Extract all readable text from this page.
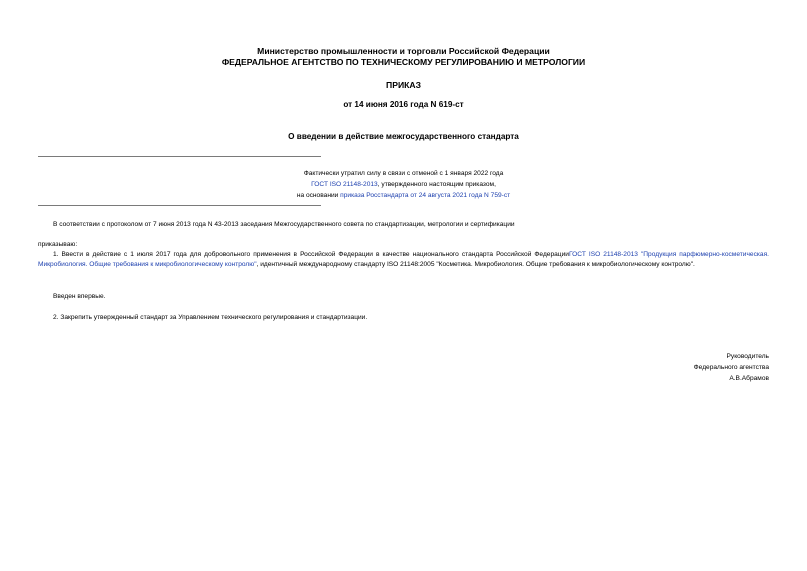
Министерство промышленности и торговли Российской Федерации
ФЕДЕРАЛЬНОЕ АГЕНТСТВО ПО ТЕХНИЧЕСКОМУ РЕГУЛИРОВАНИЮ И МЕТРОЛОГИИ
ПРИКАЗ
от 14 июня 2016 года N 619-ст
О введении в действие межгосударственного стандарта
Фактически утратил силу в связи с отменой с 1 января 2022 года
ГОСТ ISO 21148-2013, утвержденного настоящим приказом,
на основании приказа Росстандарта от 24 августа 2021 года N 759-ст
В соответствии с протоколом от 7 июня 2013 года N 43-2013 заседания Межгосударственного совета по стандартизации, метрологии и сертификации
приказываю:
1. Ввести в действие с 1 июля 2017 года для добровольного применения в Российской Федерации в качестве национального стандарта Российской ФедерацииГОСТ ISO 21148-2013 "Продукция парфюмерно-косметическая. Микробиология. Общие требования к микробиологическому контролю", идентичный международному стандарту ISO 21148:2005 "Косметика. Микробиология. Общие требования к микробиологическому контролю".
Введен впервые.
2. Закрепить утвержденный стандарт за Управлением технического регулирования и стандартизации.
Руководитель
Федерального агентства
А.В.Абрамов
